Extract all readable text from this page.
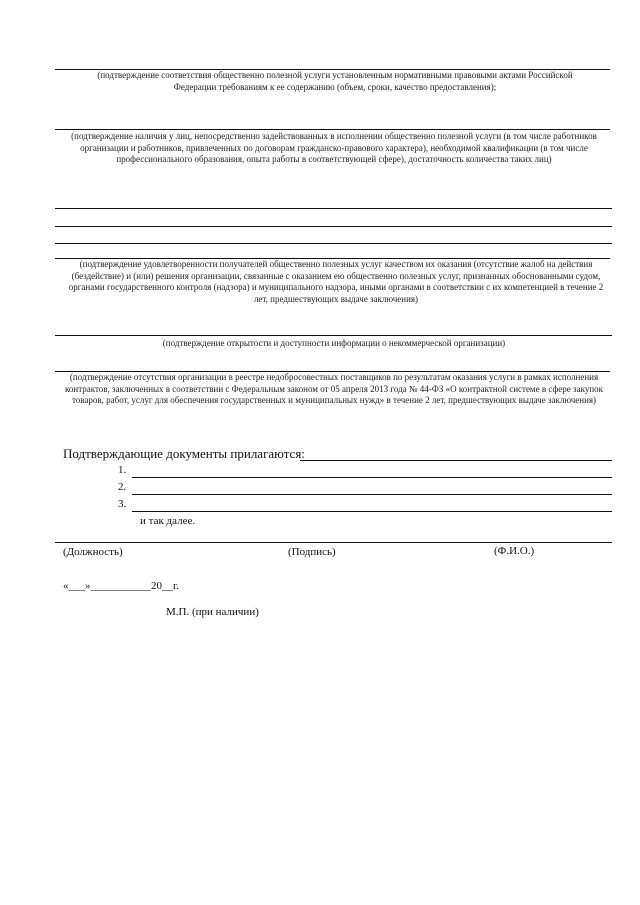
(подтверждение соответствия общественно полезной услуги установленным нормативными правовыми актами Российской Федерации требованиям к ее содержанию (объем, сроки, качество предоставления);
(подтверждение наличия у лиц, непосредственно задействованных в исполнении общественно полезной услуги (в том числе работников организации и работников, привлеченных по договорам гражданско-правового характера), необходимой квалификации (в том числе профессионального образования, опыта работы в соответствующей сфере), достаточность количества таких лиц)
(подтверждение удовлетворенности получателей общественно полезных услуг качеством их оказания (отсутствие жалоб на действия (бездействие) и (или) решения организации, связанные с оказанием ею общественно полезных услуг, признанных обоснованными судом, органами государственного контроля (надзора) и муниципального надзора, иными органами в соответствии с их компетенцией в течение 2 лет, предшествующих выдаче заключения)
(подтверждение открытости и доступности информации о некоммерческой организации)
(подтверждение отсутствия организации в реестре недобросовестных поставщиков по результатам оказания услуги в рамках исполнения контрактов, заключенных в соответствии с Федеральным законом от 05 апреля 2013 года № 44-ФЗ «О контрактной системе в сфере закупок товаров, работ, услуг для обеспечения государственных и муниципальных нужд» в течение 2 лет, предшествующих выдаче заключения)
Подтверждающие документы прилагаются:
1.
2.
3.
и так далее.
(Должность)	(Подпись)	(Ф.И.О.)
«___»___________20__г.
М.П. (при наличии)
